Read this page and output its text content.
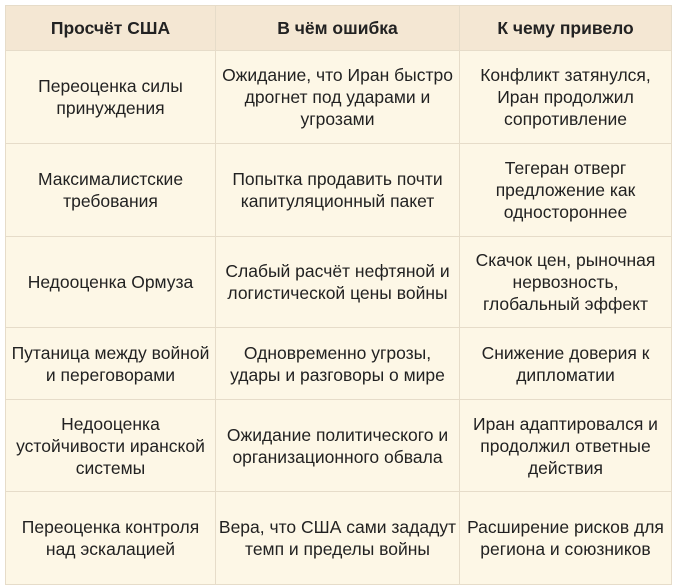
Просчёт США	В чём ошибка	К чему привело
Переоценка силы принуждения	Ожидание, что Иран быстро дрогнет под ударами и угрозами	Конфликт затянулся, Иран продолжил сопротивление
Максималистские требования	Попытка продавить почти капитуляционный пакет	Тегеран отверг предложение как одностороннее
Недооценка Ормуза	Слабый расчёт нефтяной и логистической цены войны	Скачок цен, рыночная нервозность, глобальный эффект
Путаница между войной и переговорами	Одновременно угрозы, удары и разговоры о мире	Снижение доверия к дипломатии
Недооценка устойчивости иранской системы	Ожидание политического и организационного обвала	Иран адаптировался и продолжил ответные действия
Переоценка контроля над эскалацией	Вера, что США сами зададут темп и пределы войны	Расширение рисков для региона и союзников
